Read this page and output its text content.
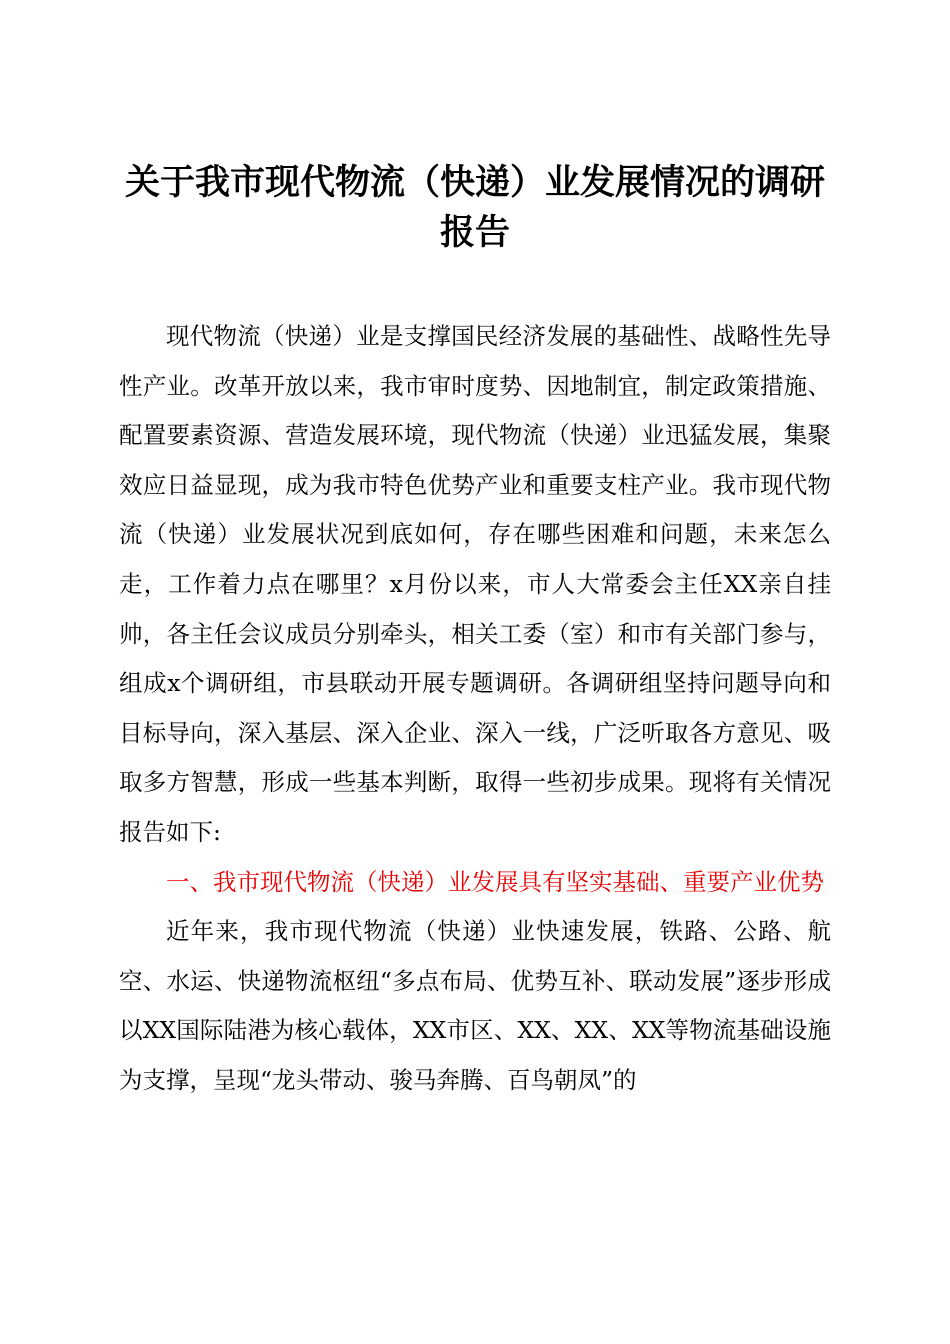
关于我市现代物流（快递）业发展情况的调研报告

现代物流（快递）业是支撑国民经济发展的基础性、战略性先导性产业。改革开放以来，我市审时度势、因地制宜，制定政策措施、配置要素资源、营造发展环境，现代物流（快递）业迅猛发展，集聚效应日益显现，成为我市特色优势产业和重要支柱产业。我市现代物流（快递）业发展状况到底如何，存在哪些困难和问题，未来怎么走，工作着力点在哪里？x月份以来，市人大常委会主任XX亲自挂帅，各主任会议成员分别牵头，相关工委（室）和市有关部门参与，组成x个调研组，市县联动开展专题调研。各调研组坚持问题导向和目标导向，深入基层、深入企业、深入一线，广泛听取各方意见、吸取多方智慧，形成一些基本判断，取得一些初步成果。现将有关情况报告如下:

一、我市现代物流（快递）业发展具有坚实基础、重要产业优势

近年来，我市现代物流（快递）业快速发展，铁路、公路、航空、水运、快递物流枢纽“多点布局、优势互补、联动发展”逐步形成以XX国际陆港为核心载体，XX市区、XX、XX、XX等物流基础设施为支撑，呈现“龙头带动、骏马奔腾、百鸟朝凤”的
